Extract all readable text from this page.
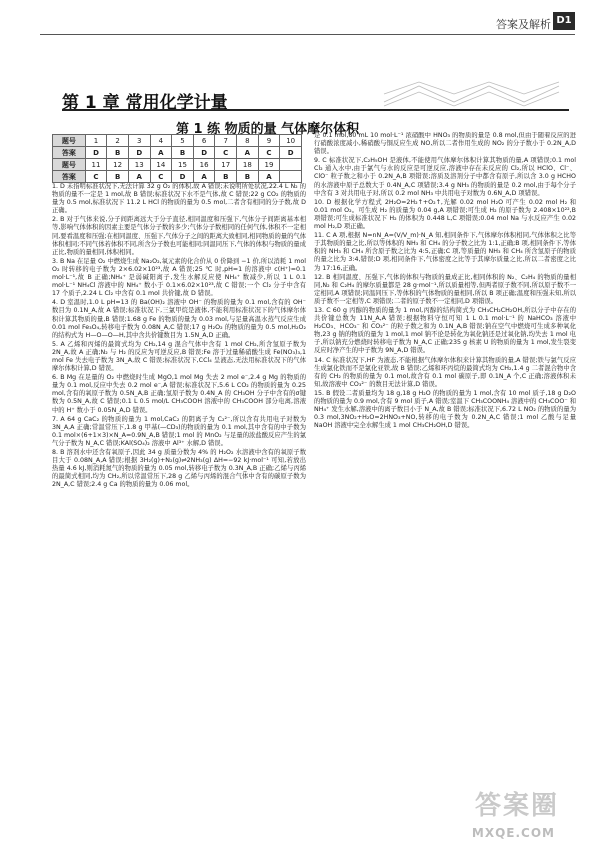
答案及解析 D1
第 1 章 常用化学计量
第 1 练 物质的量 气体摩尔体积
题号	1	2	3	4	5	6	7	8	9	10
答案	D	B	D	A	B	D	C	A	C	D
题号	11	12	13	14	15	16	17	18	19	
答案	C	B	A	C	D	A	B	B	A	

1. D 未指明标准状况下,无法计算 32 g O₂ 的体积,故 A 错误;未说明所处状况,22.4 L N₂ 的物质的量不一定是 1 mol,故 B 错误;标准状况下水不是气体,故 C 错误;22 g CO₂ 的物质的量为 0.5 mol,标准状况下 11.2 L HCl 的物质的量为 0.5 mol,二者含有相同的分子数,故 D 正确。

2. B 对于气体来说,分子间距离远大于分子直径,相同温度和压强下,气体分子间距离基本相等,影响气体体积的因素主要是气体分子数的多少;气体分子数相同的任何气体,体积不一定相同,要看温度和压强;在相同温度、压强下,气体分子之间的距离大致相同,相同物质的量的气体体积相同;不同气体若体积不同,所含分子数也可能相同;同温同压下,气体的体积与物质的量成正比,物质的量相同,体积相同。

3. B Na 在足量 O₂ 中燃烧生成 Na₂O₂,氧元素的化合价从 0 价降到 −1 价,所以消耗 1 mol O₂ 时转移的电子数为 2×6.02×10²³,故 A 错误;25 ℃ 时,pH=1 的溶液中 c(H⁺)=0.1 mol·L⁻¹,故 B 正确;NH₄⁺ 是弱碱阳离子,发生水解反应使 NH₄⁺ 数减少,所以 1 L 0.1 mol·L⁻¹ NH₄Cl 溶液中的 NH₄⁺ 数小于 0.1×6.02×10²³,故 C 错误;一个 Cl₂ 分子中含有 17 个质子,2.24 L Cl₂ 中含有 0.1 mol 共价键,故 D 错误。

4. D 室温时,1.0 L pH=13 的 Ba(OH)₂ 溶液中 OH⁻ 的物质的量为 0.1 mol,含有的 OH⁻ 数目为 0.1N_A,故 A 错误;标准状况下,三氯甲烷是液体,不能利用标准状况下的气体摩尔体积计算其物质的量,B 错误;1.68 g Fe 的物质的量为 0.03 mol,与足量高温水蒸气反应生成 0.01 mol Fe₃O₄,转移电子数为 0.08N_A,C 错误;17 g H₂O₂ 的物质的量为 0.5 mol,H₂O₂ 的结构式为 H—O—O—H,其中含共价键数目为 1.5N_A,D 正确。

5. A 乙烯和丙烯的最简式均为 CH₂,14 g 混合气体中含有 1 mol CH₂,所含氢原子数为 2N_A,故 A 正确;N₂ 与 H₂ 的反应为可逆反应,B 错误;Fe 溶于过量稀硝酸生成 Fe(NO₃)₃,1 mol Fe 失去电子数为 3N_A,故 C 错误;标准状况下,CCl₄ 呈液态,无法用标准状况下的气体摩尔体积计算,D 错误。

6. B Mg 在足量的 O₂ 中燃烧时生成 MgO,1 mol Mg 失去 2 mol e⁻,2.4 g Mg 的物质的量为 0.1 mol,反应中失去 0.2 mol e⁻,A 错误;标准状况下,5.6 L CO₂ 的物质的量为 0.25 mol,含有的氧原子数为 0.5N_A,B 正确;氢原子数为 0.4N_A 的 CH₃OH 分子中含有的σ键数为 0.5N_A,故 C 错误;0.1 L 0.5 mol/L CH₃COOH 溶液中的 CH₃COOH 部分电离,溶液中的 H⁺ 数小于 0.05N_A,D 错误。

7. A 64 g CaC₂ 的物质的量为 1 mol,CaC₂ 的阴离子为 C₂²⁻,所以含有共用电子对数为 3N_A,A 正确;常温常压下,1.8 g 甲基(—CD₃)的物质的量为 0.1 mol,其中含有的中子数为 0.1 mol×(6+1×3)×N_A=0.9N_A,B 错误;1 mol 的 MnO₂ 与足量的浓盐酸反应产生的氯气分子数为 N_A,C 错误;KAl(SO₄)₂ 溶液中 Al³⁺ 水解,D 错误。

8. B 溶剂水中还含有氧原子,因此 34 g 质量分数为 4% 的 H₂O₂ 水溶液中含有的氧原子数目大于 0.08N_A,A 错误;根据 3H₂(g)+N₂(g)⇌2NH₃(g) ΔH=−92 kJ·mol⁻¹ 可知,若放出热量 4.6 kJ,则消耗氮气的物质的量为 0.05 mol,转移电子数为 0.3N_A,B 正确;乙烯与丙烯的最简式相同,均为 CH₂,所以常温常压下,28 g 乙烯与丙烯的混合气体中含有的碳原子数为 2N_A,C 错误;2.4 g Ca 的物质的量为 0.06 mol。

是 0.1 mol,80 mL 10 mol·L⁻¹ 浓硝酸中 HNO₃ 的物质的量是 0.8 mol,但由于随着反应的进行硝酸浓度减小,稀硝酸与铜反应生成 NO,所以二者作用生成的 NO₂ 的分子数小于 0.2N_A,D 错误。

9. C 标准状况下,C₂H₅OH 是液体,不能使用气体摩尔体积计算其物质的量,A 项错误;0.1 mol Cl₂ 通入水中,由于氯气与水的反应是可逆反应,溶液中存在未反应的 Cl₂,所以 HClO、Cl⁻、ClO⁻ 粒子数之和小于 0.2N_A,B 项错误;溶质及溶剂分子中都含有原子,所以含 3.0 g HCHO 的水溶液中原子总数大于 0.4N_A,C 项错误;3.4 g NH₃ 的物质的量是 0.2 mol,由于每个分子中含有 3 对共用电子对,所以 0.2 mol NH₃ 中共用电子对数为 0.6N_A,D 项错误。

10. D 根据化学方程式 2H₂O=2H₂↑+O₂↑,光解 0.02 mol H₂O 可产生 0.02 mol H₂ 和 0.01 mol O₂。可生成 H₂ 的质量为 0.04 g,A 项错误;可生成 H₂ 的原子数为 2.408×10²²,B 项错误;可生成标准状况下 H₂ 的体积为 0.448 L,C 项错误;0.04 mol Na 与水反应产生 0.02 mol H₂,D 项正确。

11. C A 项,根据 N=nN_A=(V/V_m)·N_A 知,相同条件下,气体摩尔体积相同,气体体积之比等于其物质的量之比,所以等体积的 NH₃ 和 CH₄ 的分子数之比为 1:1,正确;B 项,相同条件下,等体积的 NH₃ 和 CH₄ 所含原子数之比为 4:5,正确;C 项,等质量的 NH₃ 和 CH₄ 所含氢原子的物质的量之比为 3:4,错误;D 项,相同条件下,气体密度之比等于其摩尔质量之比,所以二者密度之比为 17:16,正确。

12. B 相同温度、压强下,气体的体积与物质的量成正比,相同体积的 N₂、C₂H₄ 的物质的量相同,N₂ 和 C₂H₄ 的摩尔质量都是 28 g·mol⁻¹,所以质量相等,但两者原子数不同,所以原子数不一定相同,A 项错误;同温同压下,等体积的气体物质的量相同,所以 B 项正确;温度和压强未知,所以质子数不一定相等,C 项错误;二者的原子数不一定相同,D 项错误。

13. C 60 g 丙醇的物质的量为 1 mol,丙醇的结构简式为 CH₃CH₂CH₂OH,所以分子中存在的共价键总数为 11N_A,A 错误;根据物料守恒可知 1 L 0.1 mol·L⁻¹ 的 NaHCO₃ 溶液中 H₂CO₃、HCO₃⁻ 和 CO₃²⁻ 的粒子数之和为 0.1N_A,B 错误;钠在空气中燃烧可生成多种氧化物,23 g 钠的物质的量为 1 mol,1 mol 钠不论是转化为氧化钠还是过氧化钠,均失去 1 mol 电子,所以钠充分燃烧时转移电子数为 N_A,C 正确;235 g 核素 U 的物质的量为 1 mol,发生裂变反应时净产生的中子数为 9N_A,D 错误。

14. C 标准状况下,HF 为液态,不能根据气体摩尔体积来计算其物质的量,A 错误;铁与氯气反应生成氯化铁而不是氯化亚铁,故 B 错误;乙烯和环丙烷的最简式均为 CH₂,1.4 g 二者混合物中含有的 CH₂ 的物质的量为 0.1 mol,故含有 0.1 mol 碳原子,即 0.1N_A 个,C 正确;溶液体积未知,故溶液中 CO₃²⁻ 的数目无法计算,D 错误。

15. B 假设二者质量均为 18 g,18 g H₂O 的物质的量为 1 mol,含有 10 mol 质子,18 g D₂O 的物质的量为 0.9 mol,含有 9 mol 质子,A 错误;室温下 CH₃COONH₄ 溶液中的 CH₃COO⁻ 和 NH₄⁺ 发生水解,溶液中的离子数目小于 N_A,故 B 错误;标准状况下,6.72 L NO₂ 的物质的量为 0.3 mol,3NO₂+H₂O=2HNO₃+NO,转移的电子数为 0.2N_A,C 错误;1 mol 乙酸与足量 NaOH 溶液中完全水解生成 1 mol CH₃CH₂OH,D 错误。

答案圈
MXQE.COM
